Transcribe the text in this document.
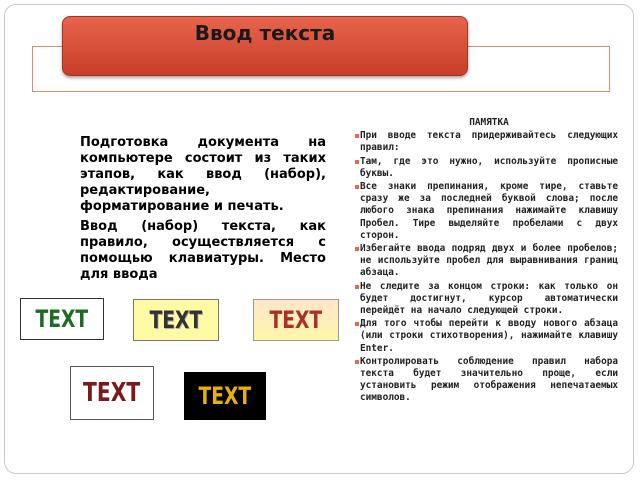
Ввод текста

Подготовка документа на компьютере состоит из таких этапов, как ввод (набор), редактирование, форматирование и печать.

Ввод (набор) текста, как правило, осуществляется с помощью клавиатуры. Место для ввода

ПАМЯТКА

При вводе текста придерживайтесь следующих правил:

Там, где это нужно, используйте прописные буквы.

Все знаки препинания, кроме тире, ставьте сразу же за последней буквой слова; после любого знака препинания нажимайте клавишу Пробел. Тире выделяйте пробелами с двух сторон.

Избегайте ввода подряд двух и более пробелов; не используйте пробел для выравнивания границ абзаца.

Не следите за концом строки: как только он будет достигнут, курсор автоматически перейдёт на начало следующей строки.

Для того чтобы перейти к вводу нового абзаца (или строки стихотворения), нажимайте клавишу Enter.

Контролировать соблюдение правил набора текста будет значительно проще, если установить режим отображения непечатаемых символов.

TEXT	TEXT	TEXT
TEXT TEXT
